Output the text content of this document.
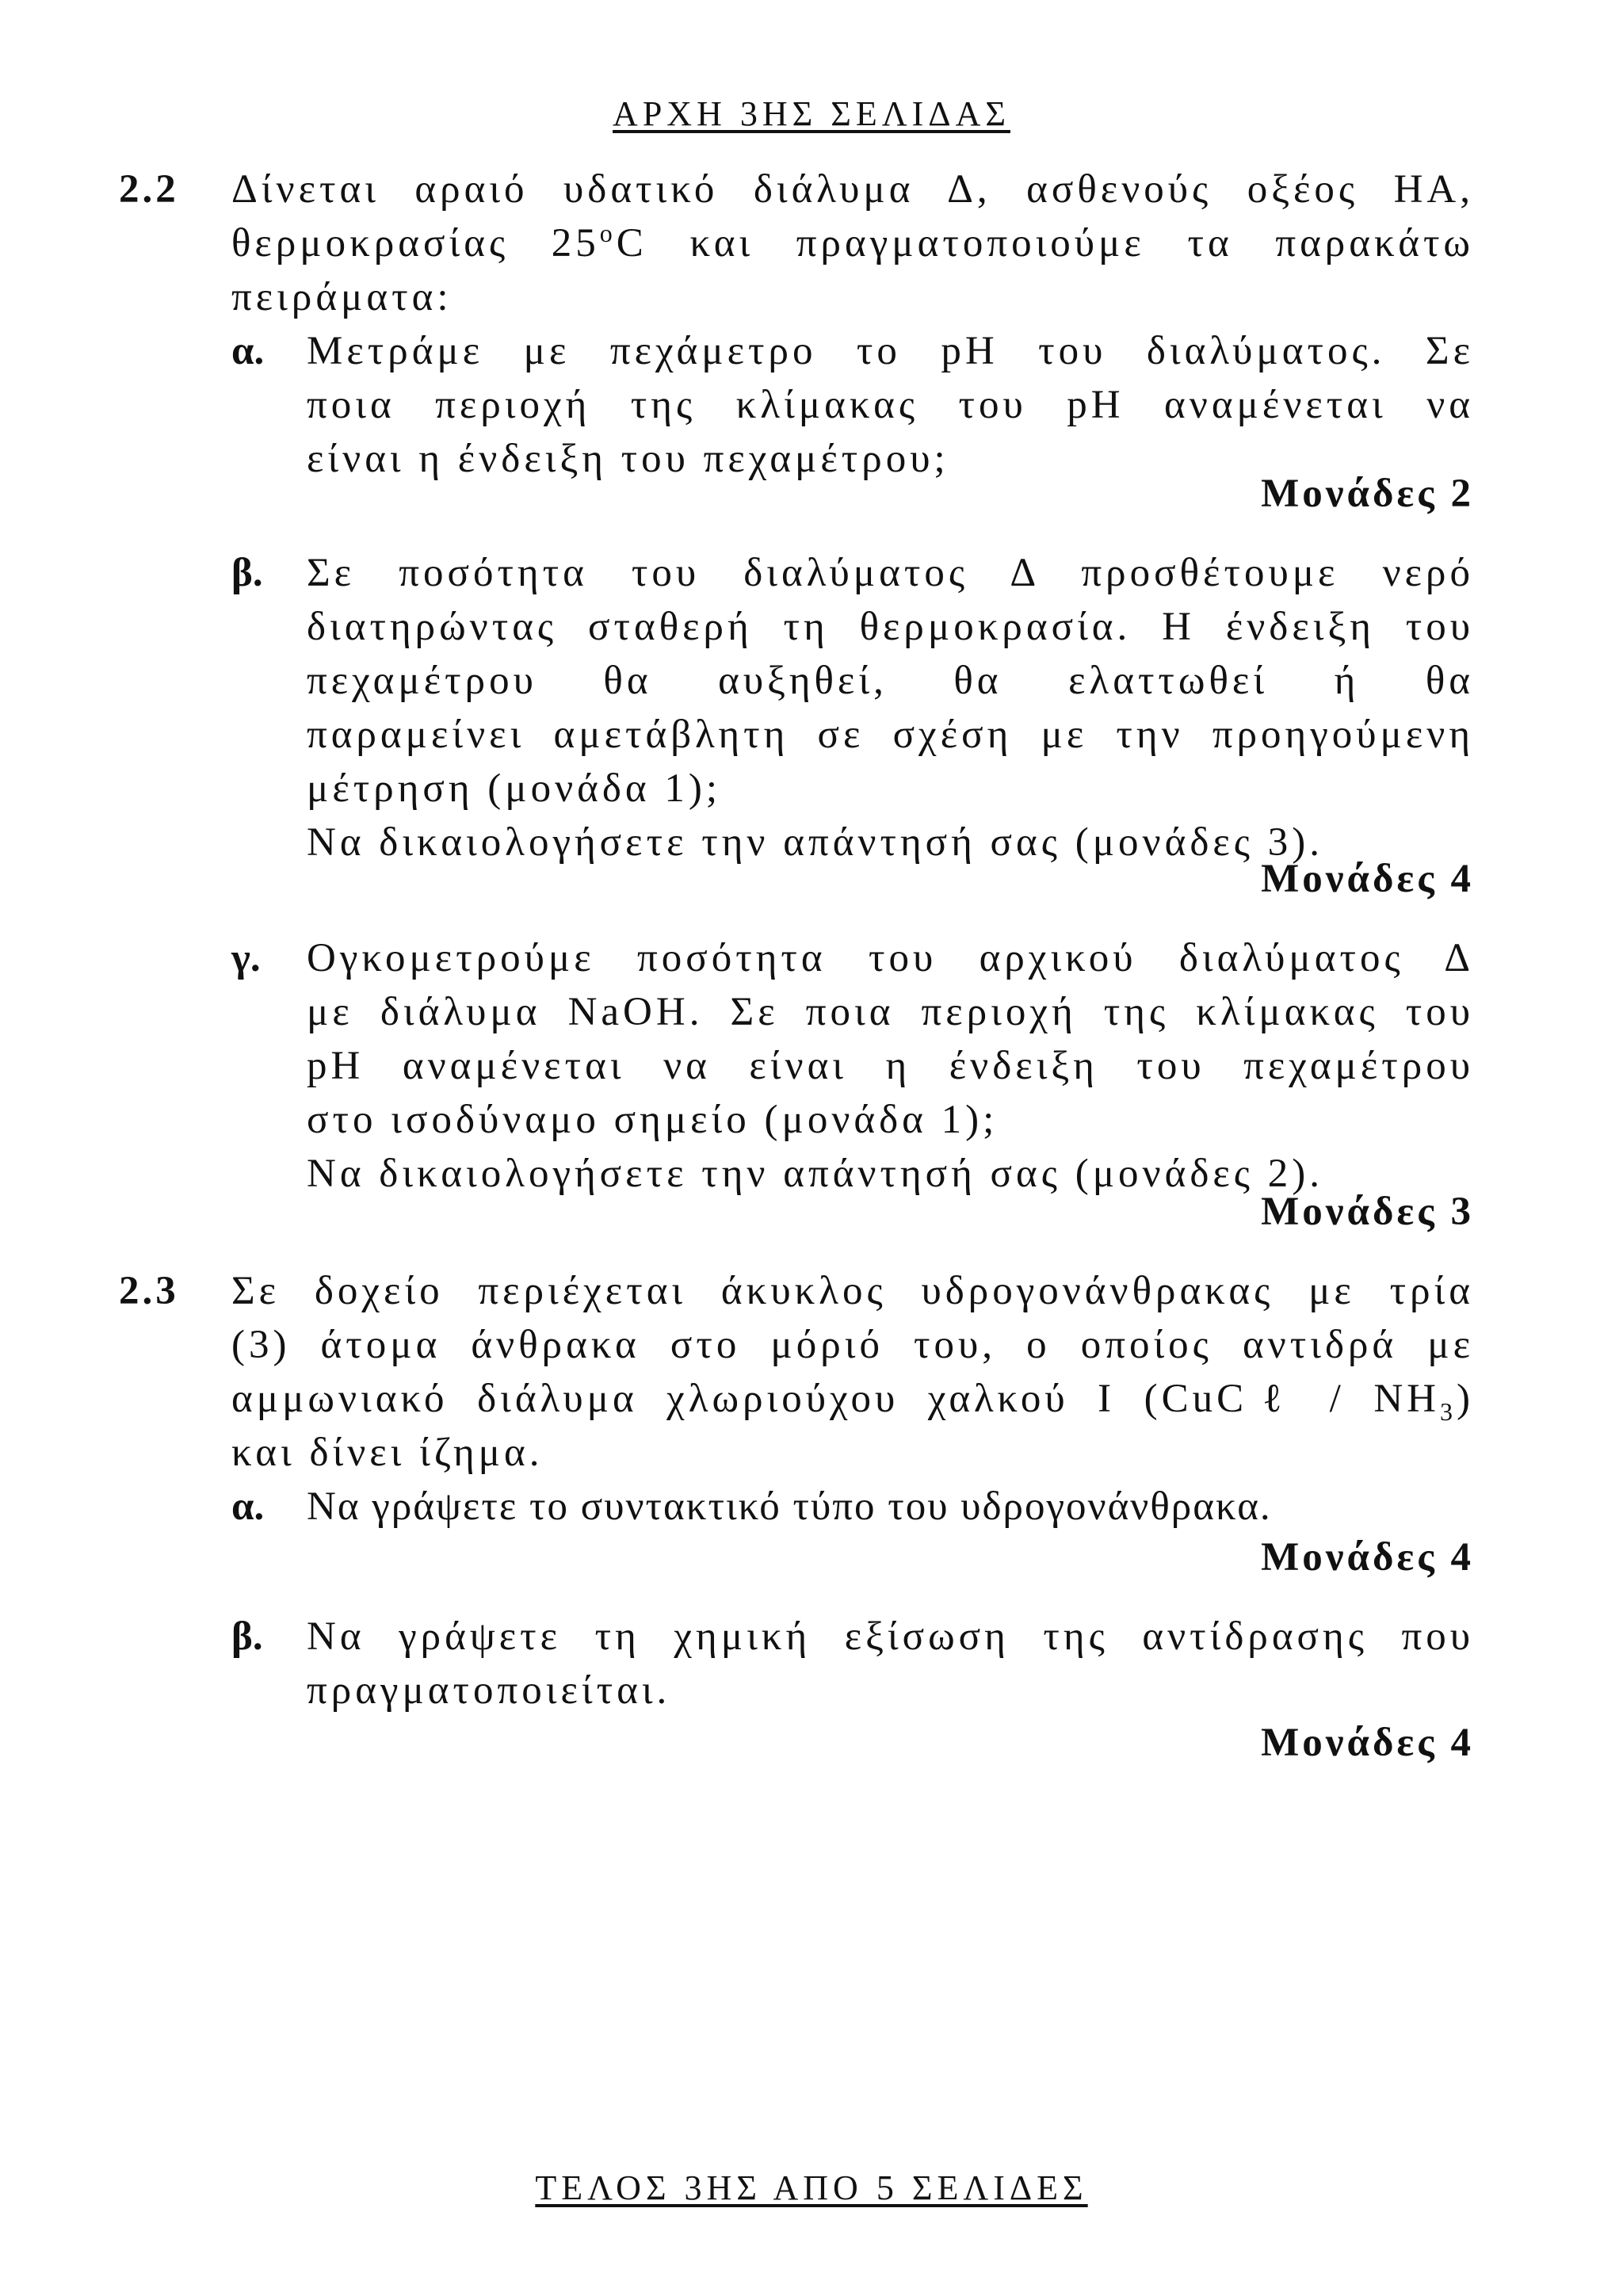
ΑΡΧΗ 3ΗΣ ΣΕΛΙΔΑΣ
2.2 Δίνεται αραιό υδατικό διάλυμα Δ, ασθενούς οξέος ΗΑ,
θερμοκρασίας 25$^o$C και πραγματοποιούμε τα παρακάτω
πειράματα:
α. Μετράμε με πεχάμετρο το pH του διαλύματος. Σε
ποια περιοχή της κλίμακας του pH αναμένεται να
είναι η ένδειξη του πεχαμέτρου;
Μονάδες 2
β. Σε ποσότητα του διαλύματος Δ προσθέτουμε νερό
διατηρώντας σταθερή τη θερμοκρασία. Η ένδειξη του
πεχαμέτρου θα αυξηθεί, θα ελαττωθεί ή θα
παραμείνει αμετάβλητη σε σχέση με την προηγούμενη
μέτρηση (μονάδα 1);
Να δικαιολογήσετε την απάντησή σας (μονάδες 3).
Μονάδες 4
γ. Ογκομετρούμε ποσότητα του αρχικού διαλύματος Δ
με διάλυμα NaOH. Σε ποια περιοχή της κλίμακας του
pH αναμένεται να είναι η ένδειξη του πεχαμέτρου
στο ισοδύναμο σημείο (μονάδα 1);
Να δικαιολογήσετε την απάντησή σας (μονάδες 2).
Μονάδες 3
2.3 Σε δοχείο περιέχεται άκυκλος υδρογονάνθρακας με τρία
(3) άτομα άνθρακα στο μόριό του, ο οποίος αντιδρά με
αμμωνιακό διάλυμα χλωριούχου χαλκού Ι (CuCℓ / $NH_3$)
και δίνει ίζημα.
α. Να γράψετε το συντακτικό τύπο του υδρογονάνθρακα.
Μονάδες 4
β. Να γράψετε τη χημική εξίσωση της αντίδρασης που
πραγματοποιείται.
Μονάδες 4
ΤΕΛΟΣ 3ΗΣ ΑΠΟ 5 ΣΕΛΙΔΕΣ
